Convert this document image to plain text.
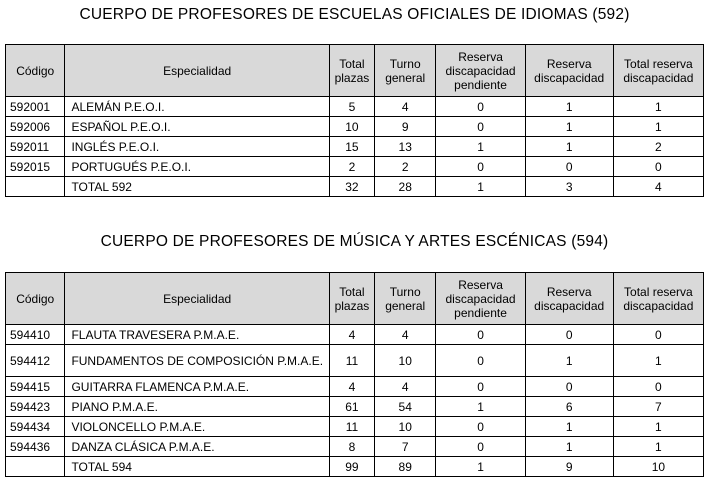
CUERPO DE PROFESORES DE ESCUELAS OFICIALES DE IDIOMAS (592)
Código	Especialidad	Total plazas	Turno general	Reserva discapacidad pendiente	Reserva discapacidad	Total reserva discapacidad
592001	ALEMÁN P.E.O.I.	5	4	0	1	1
592006	ESPAÑOL P.E.O.I.	10	9	0	1	1
592011	INGLÉS P.E.O.I.	15	13	1	1	2
592015	PORTUGUÉS P.E.O.I.	2	2	0	0	0
	TOTAL 592	32	28	1	3	4
CUERPO DE PROFESORES DE MÚSICA Y ARTES ESCÉNICAS (594)
Código	Especialidad	Total plazas	Turno general	Reserva discapacidad pendiente	Reserva discapacidad	Total reserva discapacidad
594410	FLAUTA TRAVESERA P.M.A.E.	4	4	0	0	0
594412	FUNDAMENTOS DE COMPOSICIÓN P.M.A.E.	11	10	0	1	1
594415	GUITARRA FLAMENCA P.M.A.E.	4	4	0	0	0
594423	PIANO P.M.A.E.	61	54	1	6	7
594434	VIOLONCELLO P.M.A.E.	11	10	0	1	1
594436	DANZA CLÁSICA P.M.A.E.	8	7	0	1	1
	TOTAL 594	99	89	1	9	10
